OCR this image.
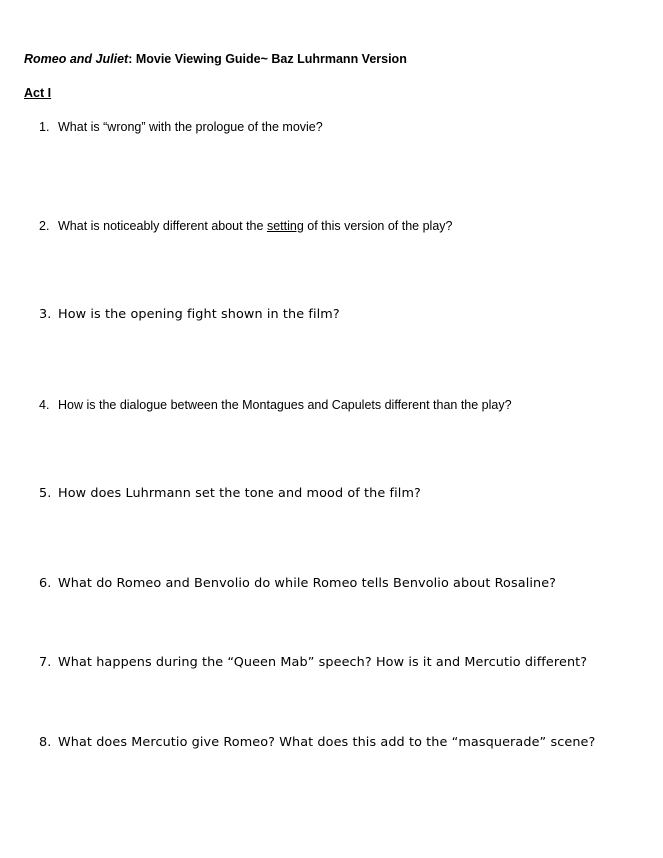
Romeo and Juliet: Movie Viewing Guide~ Baz Luhrmann Version
Act I
1. What is “wrong” with the prologue of the movie?
2. What is noticeably different about the setting of this version of the play?
3. How is the opening fight shown in the film?
4. How is the dialogue between the Montagues and Capulets different than the play?
5. How does Luhrmann set the tone and mood of the film?
6. What do Romeo and Benvolio do while Romeo tells Benvolio about Rosaline?
7. What happens during the “Queen Mab” speech? How is it and Mercutio different?
8. What does Mercutio give Romeo? What does this add to the “masquerade” scene?
